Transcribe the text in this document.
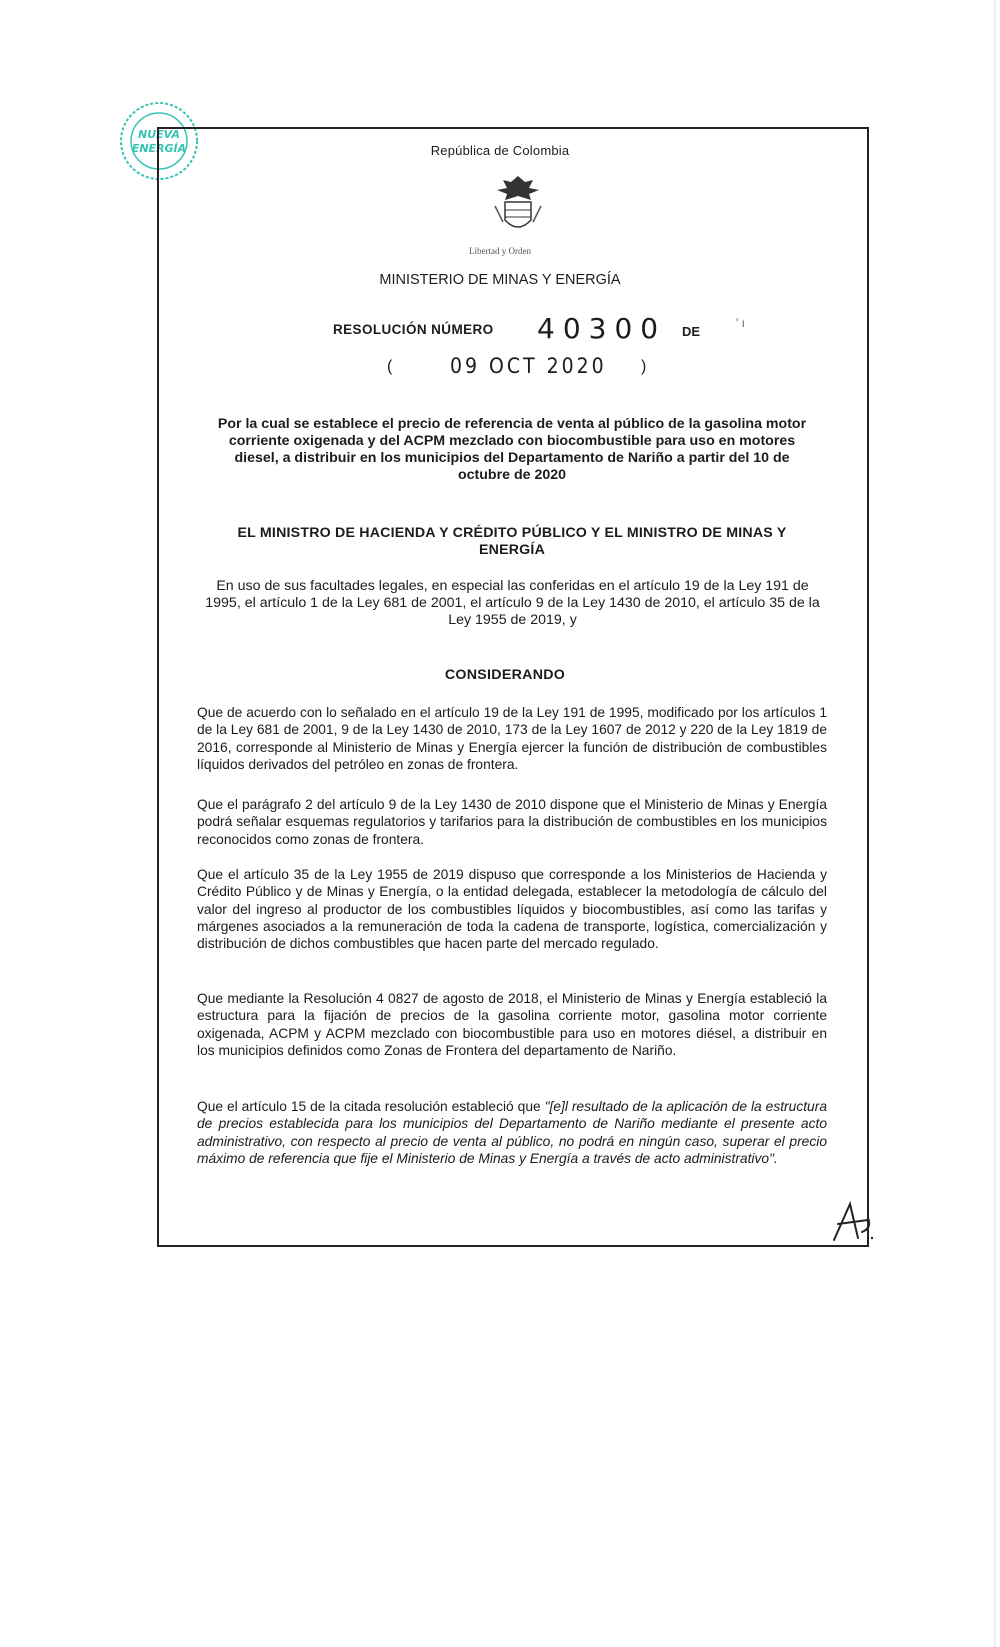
NUEVA
ENERGÍA	República de Colombia
Libertad y Orden
MINISTERIO DE MINAS Y ENERGÍA
RESOLUCIÓN NÚMERO 40300 DE
' ı
(	09 OCT 2020 )
Por la cual se establece el precio de referencia de venta al público de la gasolina motor corriente oxigenada y del ACPM mezclado con biocombustible para uso en motores diesel, a distribuir en los municipios del Departamento de Nariño a partir del 10 de octubre de 2020
EL MINISTRO DE HACIENDA Y CRÉDITO PÚBLICO Y EL MINISTRO DE MINAS Y ENERGÍA
En uso de sus facultades legales, en especial las conferidas en el artículo 19 de la Ley 191 de 1995, el artículo 1 de la Ley 681 de 2001, el artículo 9 de la Ley 1430 de 2010, el artículo 35 de la Ley 1955 de 2019, y
CONSIDERANDO
Que de acuerdo con lo señalado en el artículo 19 de la Ley 191 de 1995, modificado por los artículos 1 de la Ley 681 de 2001, 9 de la Ley 1430 de 2010, 173 de la Ley 1607 de 2012 y 220 de la Ley 1819 de 2016, corresponde al Ministerio de Minas y Energía ejercer la función de distribución de combustibles líquidos derivados del petróleo en zonas de frontera.
Que el parágrafo 2 del artículo 9 de la Ley 1430 de 2010 dispone que el Ministerio de Minas y Energía podrá señalar esquemas regulatorios y tarifarios para la distribución de combustibles en los municipios reconocidos como zonas de frontera.
Que el artículo 35 de la Ley 1955 de 2019 dispuso que corresponde a los Ministerios de Hacienda y Crédito Público y de Minas y Energía, o la entidad delegada, establecer la metodología de cálculo del valor del ingreso al productor de los combustibles líquidos y biocombustibles, así como las tarifas y márgenes asociados a la remuneración de toda la cadena de transporte, logística, comercialización y distribución de dichos combustibles que hacen parte del mercado regulado.
Que mediante la Resolución 4 0827 de agosto de 2018, el Ministerio de Minas y Energía estableció la estructura para la fijación de precios de la gasolina corriente motor, gasolina motor corriente oxigenada, ACPM y ACPM mezclado con biocombustible para uso en motores diésel, a distribuir en los municipios definidos como Zonas de Frontera del departamento de Nariño.
Que el artículo 15 de la citada resolución estableció que "[e]l resultado de la aplicación de la estructura de precios establecida para los municipios del Departamento de Nariño mediante el presente acto administrativo, con respecto al precio de venta al público, no podrá en ningún caso, superar el precio máximo de referencia que fije el Ministerio de Minas y Energía a través de acto administrativo".
